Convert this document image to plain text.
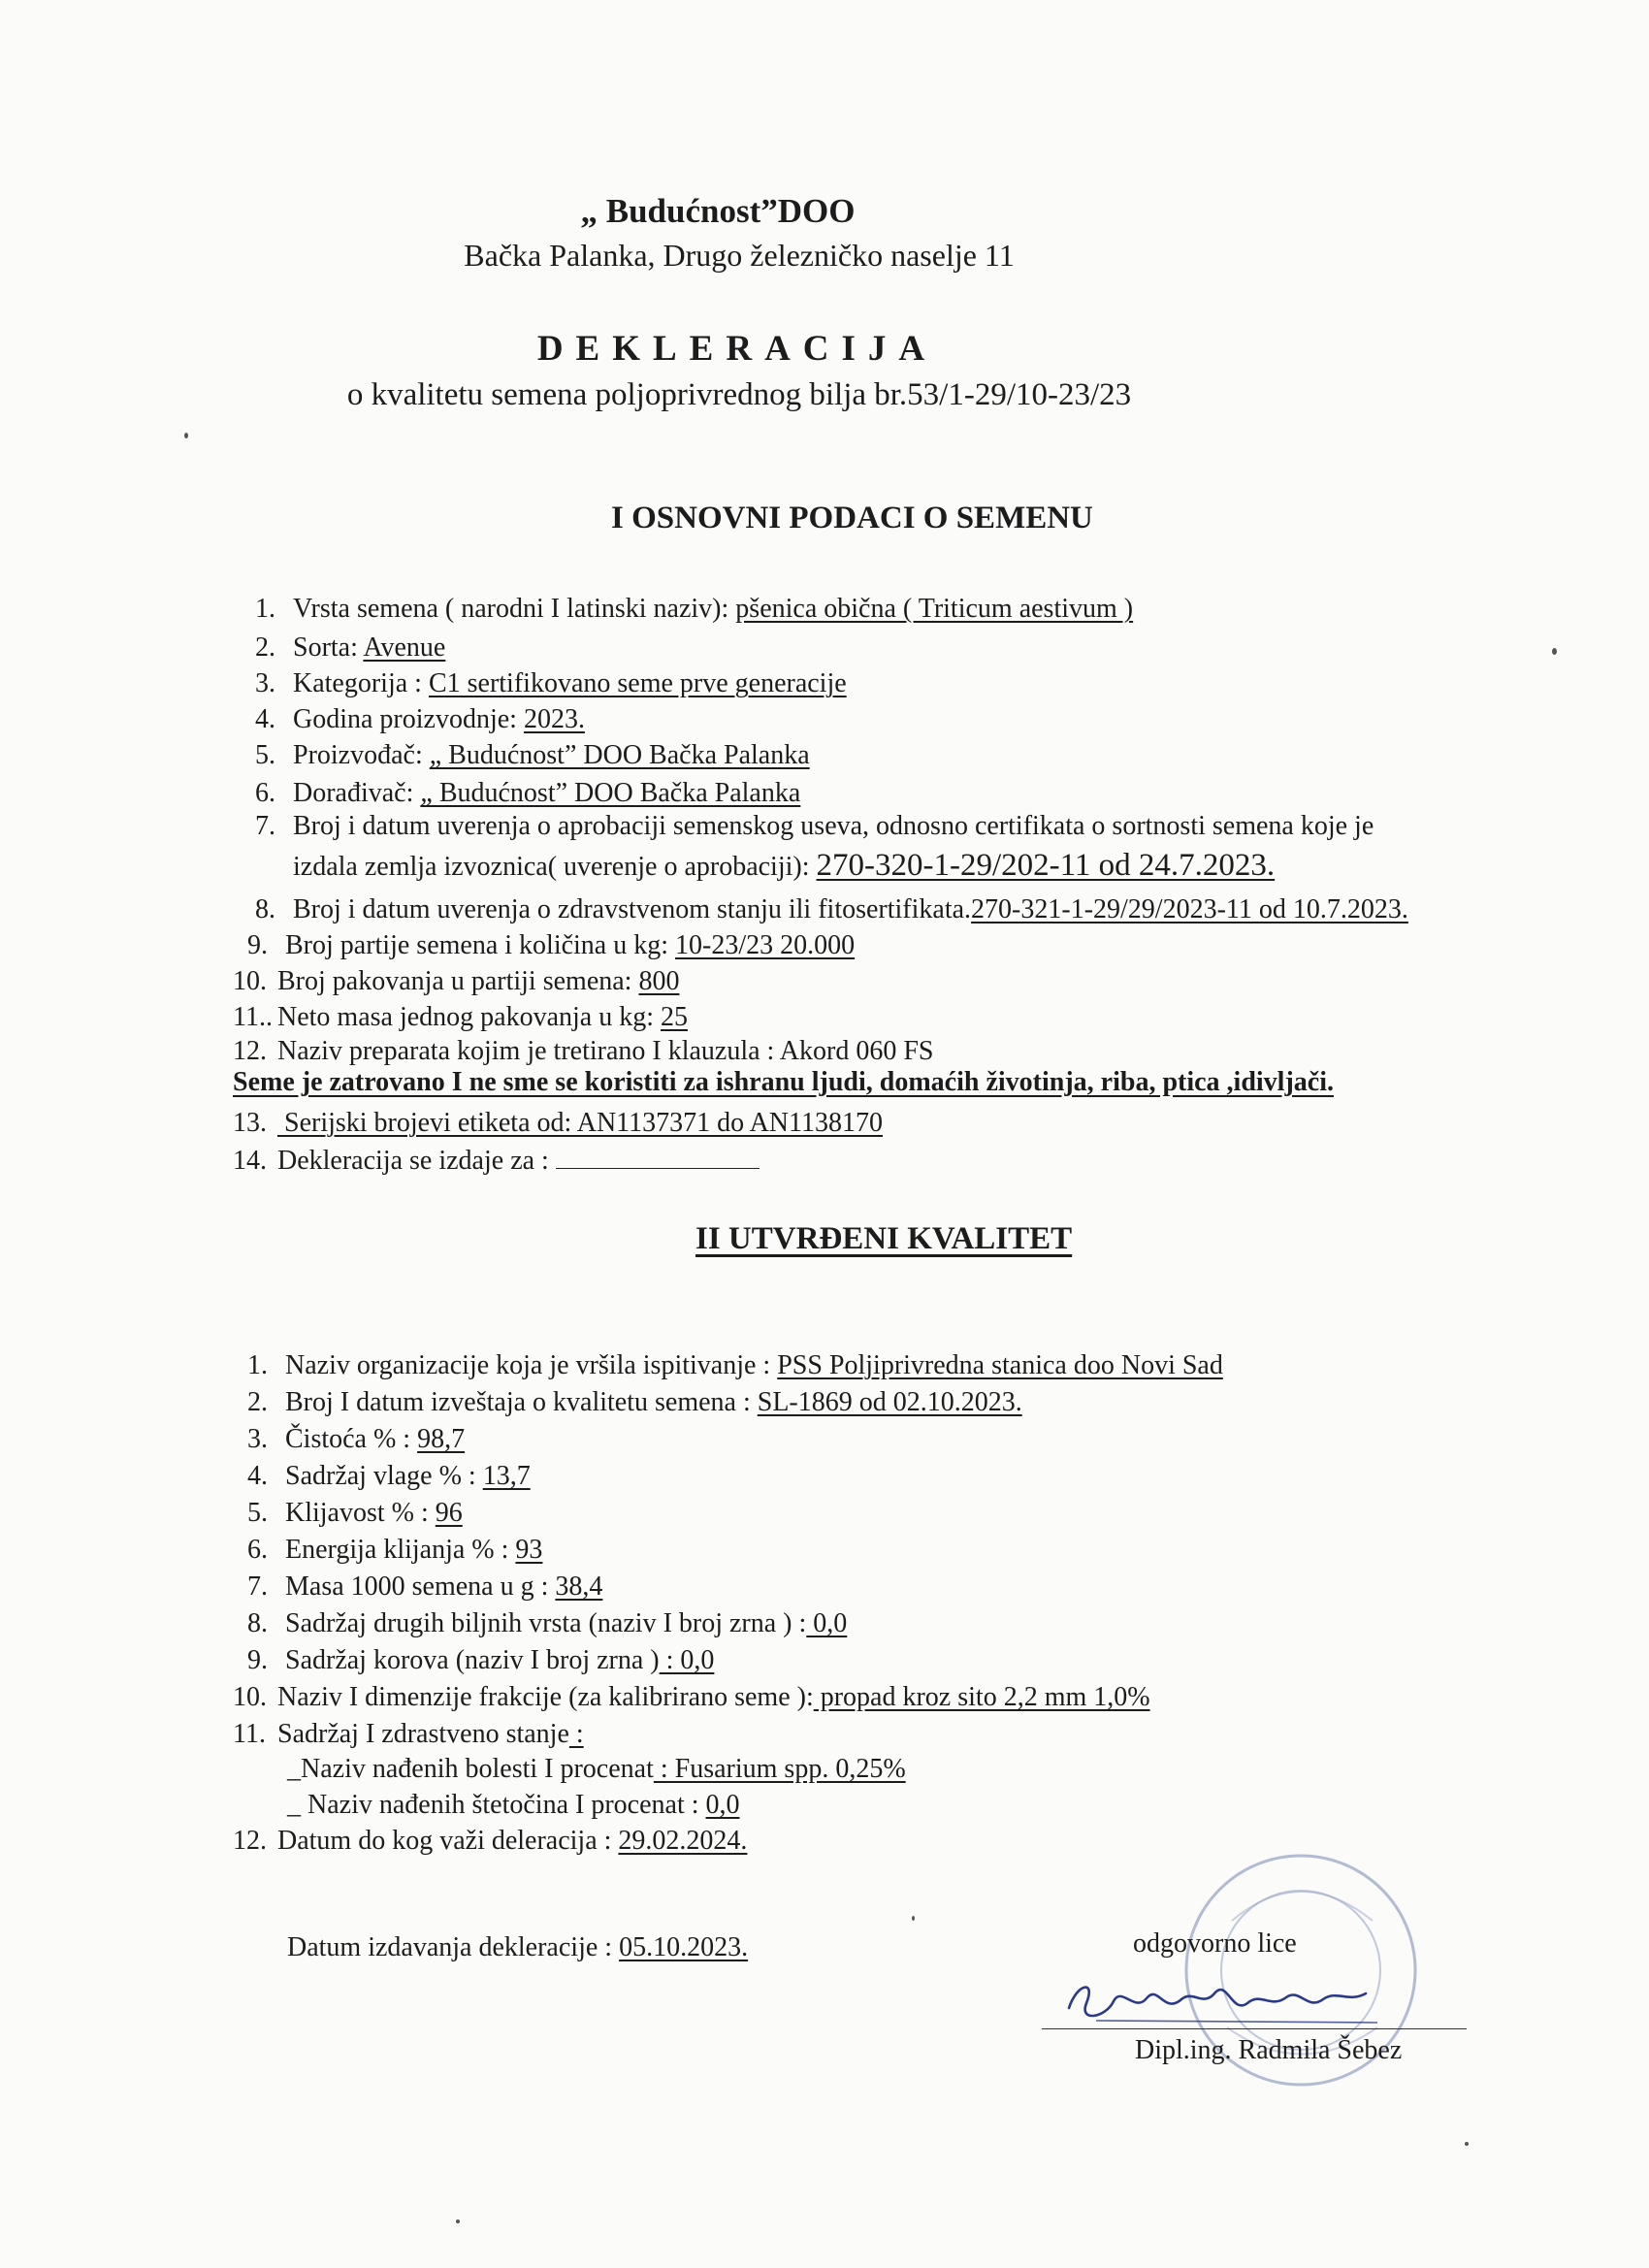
„ Budućnost”DOO
Bačka Palanka, Drugo železničko naselje 11
DEKLERACIJA
o kvalitetu semena poljoprivrednog bilja br.53/1-29/10-23/23
I OSNOVNI PODACI O SEMENU
1. Vrsta semena ( narodni I latinski naziv): pšenica obična ( Triticum aestivum )
2. Sorta: Avenue
3. Kategorija : C1 sertifikovano seme prve generacije
4. Godina proizvodnje: 2023.
5. Proizvođač: „ Budućnost” DOO Bačka Palanka
6. Dorađivač: „ Budućnost” DOO Bačka Palanka
7. Broj i datum uverenja o aprobaciji semenskog useva, odnosno certifikata o sortnosti semena koje je
izdala zemlja izvoznica( uverenje o aprobaciji): 270-320-1-29/202-11 od 24.7.2023.
8. Broj i datum uverenja o zdravstvenom stanju ili fitosertifikata.270-321-1-29/29/2023-11 od 10.7.2023.
9. Broj partije semena i količina u kg: 10-23/23 20.000
10. Broj pakovanja u partiji semena: 800
11.. Neto masa jednog pakovanja u kg: 25
12. Naziv preparata kojim je tretirano I klauzula : Akord 060 FS
Seme je zatrovano I ne sme se koristiti za ishranu ljudi, domaćih životinja, riba, ptica ,idivljači.
13. Serijski brojevi etiketa od: AN1137371 do AN1138170
14. Dekleracija se izdaje za :
II UTVRĐENI KVALITET
1. Naziv organizacije koja je vršila ispitivanje : PSS Poljiprivredna stanica doo Novi Sad
2. Broj I datum izveštaja o kvalitetu semena : SL-1869 od 02.10.2023.
3. Čistoća % : 98,7
4. Sadržaj vlage % : 13,7
5. Klijavost % : 96
6. Energija klijanja % : 93
7. Masa 1000 semena u g : 38,4
8. Sadržaj drugih biljnih vrsta (naziv I broj zrna ) : 0,0
9. Sadržaj korova (naziv I broj zrna ) : 0,0
10. Naziv I dimenzije frakcije (za kalibrirano seme ): propad kroz sito 2,2 mm 1,0%
11. Sadržaj I zdrastveno stanje :
_Naziv nađenih bolesti I procenat : Fusarium spp. 0,25%
_ Naziv nađenih štetočina I procenat : 0,0
12. Datum do kog važi deleracija : 29.02.2024.
Datum izdavanja dekleracije : 05.10.2023.	odgovorno lice
Dipl.ing. Radmila Šebez
